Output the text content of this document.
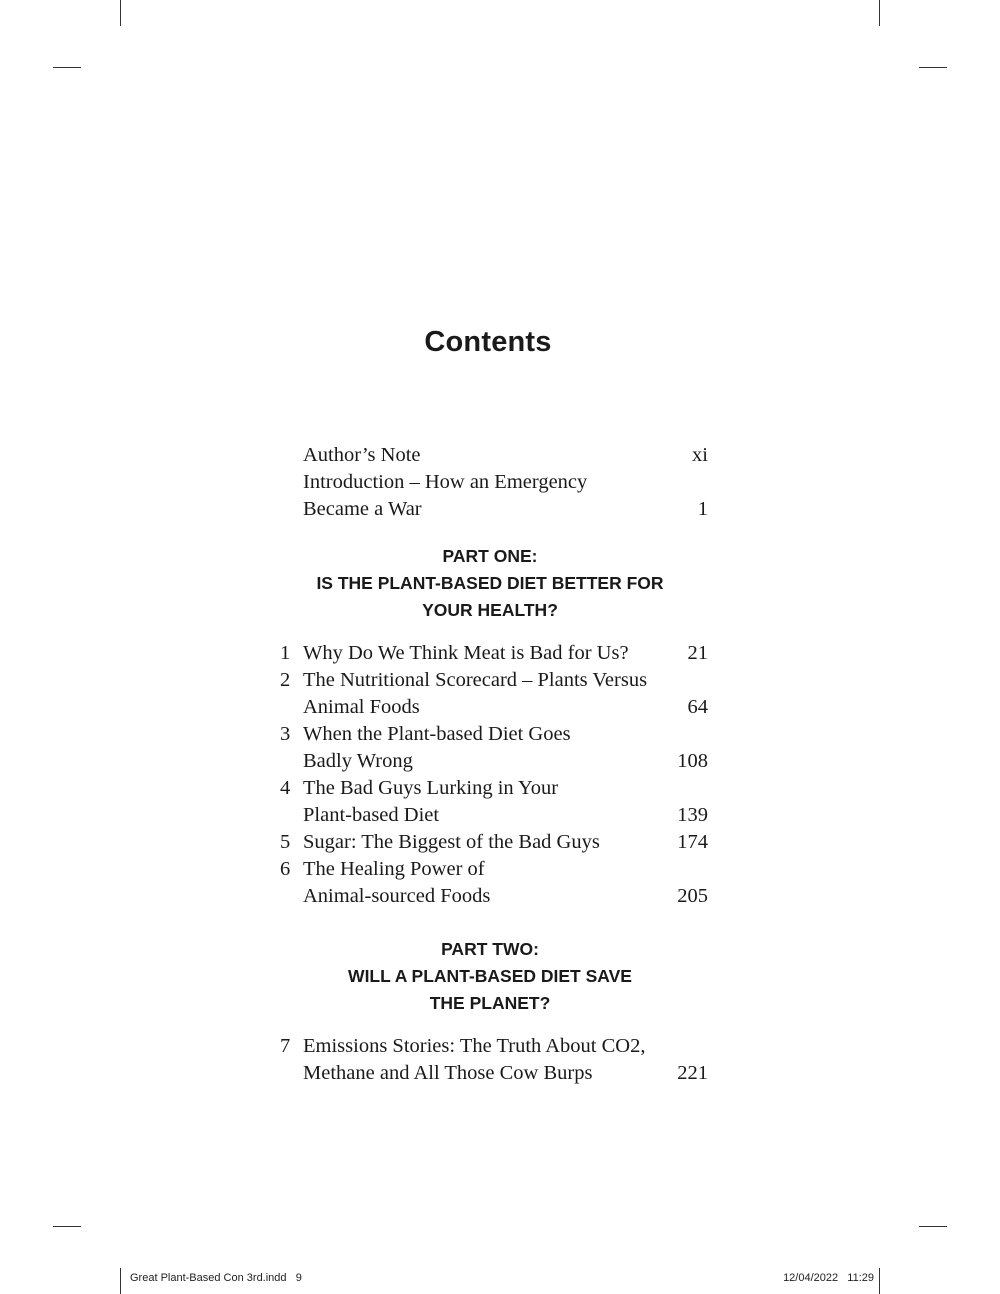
Contents
Author’s Note	xi
Introduction – How an Emergency
Became a War	1
PART ONE:
IS THE PLANT-BASED DIET BETTER FOR
YOUR HEALTH?
1 Why Do We Think Meat is Bad for Us?	21
2 The Nutritional Scorecard – Plants Versus
Animal Foods	64
3 When the Plant-based Diet Goes
Badly Wrong	108
4 The Bad Guys Lurking in Your
Plant-based Diet	139
5 Sugar: The Biggest of the Bad Guys	174
6 The Healing Power of
Animal-sourced Foods	205
PART TWO:
WILL A PLANT-BASED DIET SAVE
THE PLANET?
7 Emissions Stories: The Truth About CO2,
Methane and All Those Cow Burps	221
Great Plant-Based Con 3rd.indd   9	12/04/2022   11:29
